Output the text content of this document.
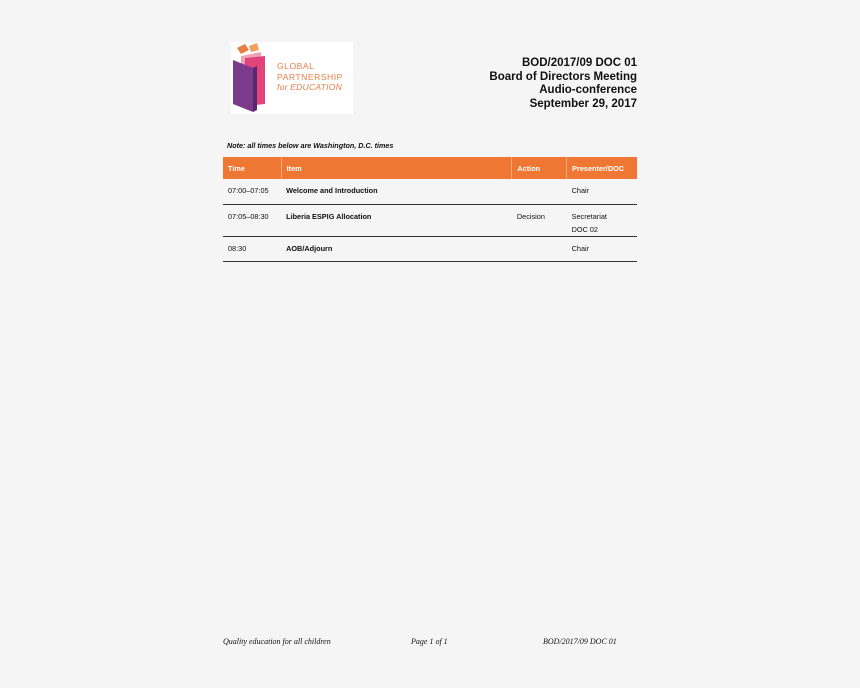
GLOBAL
PARTNERSHIP
for EDUCATION
BOD/2017/09 DOC 01
Board of Directors Meeting
Audio-conference
September 29, 2017
Note: all times below are Washington, D.C. times
Time	Item	Action	Presenter/DOC
07:00–07:05	Welcome and Introduction		Chair

07:05–08:30	Liberia ESPIG Allocation	Decision	Secretariat
DOC 02

08:30	AOB/Adjourn		Chair
Quality education for all children	Page 1 of 1	BOD/2017/09 DOC 01
